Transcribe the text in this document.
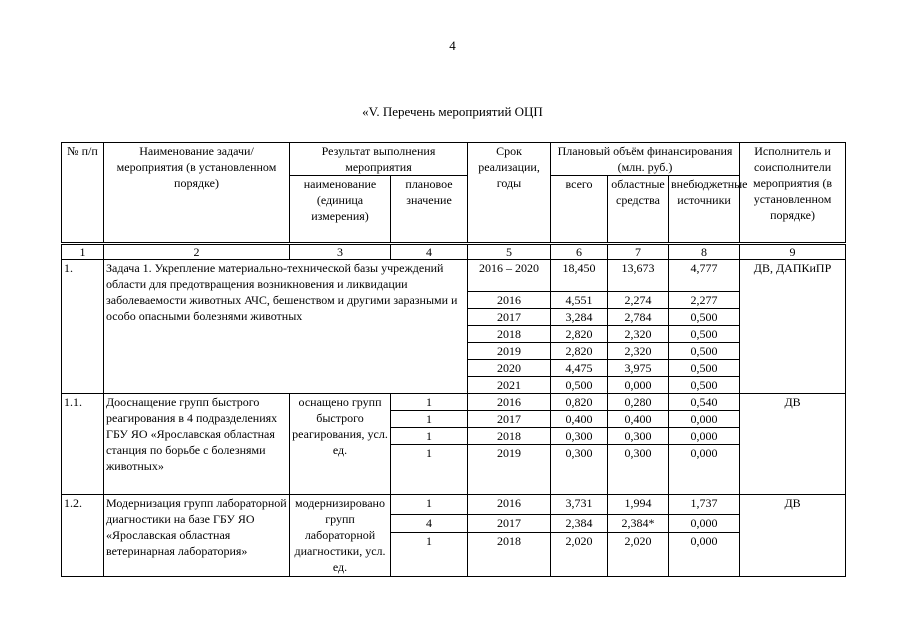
4
«V. Перечень мероприятий ОЦП
№ п/п	Наименование задачи/мероприятия (в установленном порядке)	Результат выполнения мероприятия		Срок реализации, годы	Плановый объём финансирования (млн. руб.)			Исполнитель и соисполнители мероприятия (в установленном порядке)
		наименование (единица измерения)	плановое значение		всего	областные средства	внебюджетные источники	
1	2	3	4	5	6	7	8	9
1.	Задача 1. Укрепление материально-технической базы учреждений области для предотвращения возникновения и ликвидации заболеваемости животных АЧС, бешенством и другими заразными и особо опасными болезнями животных			2016 – 2020	18,450	13,673	4,777	ДВ, ДАПКиПР
				2016	4,551	2,274	2,277	
				2017	3,284	2,784	0,500	
				2018	2,820	2,320	0,500	
				2019	2,820	2,320	0,500	
				2020	4,475	3,975	0,500	
				2021	0,500	0,000	0,500	
1.1.	Дооснащение групп быстрого реагирования в 4 подразделениях ГБУ ЯО «Ярославская областная станция по борьбе с болезнями животных»	оснащено групп быстрого реагирования, усл. ед.	1	2016	0,820	0,280	0,540	ДВ
			1	2017	0,400	0,400	0,000	
			1	2018	0,300	0,300	0,000	
			1	2019	0,300	0,300	0,000	
1.2.	Модернизация групп лабораторной диагностики на базе ГБУ ЯО «Ярославская областная ветеринарная лаборатория»	модернизировано групп лабораторной диагностики, усл. ед.	1	2016	3,731	1,994	1,737	ДВ
			4	2017	2,384	2,384*	0,000	
			1	2018	2,020	2,020	0,000	
